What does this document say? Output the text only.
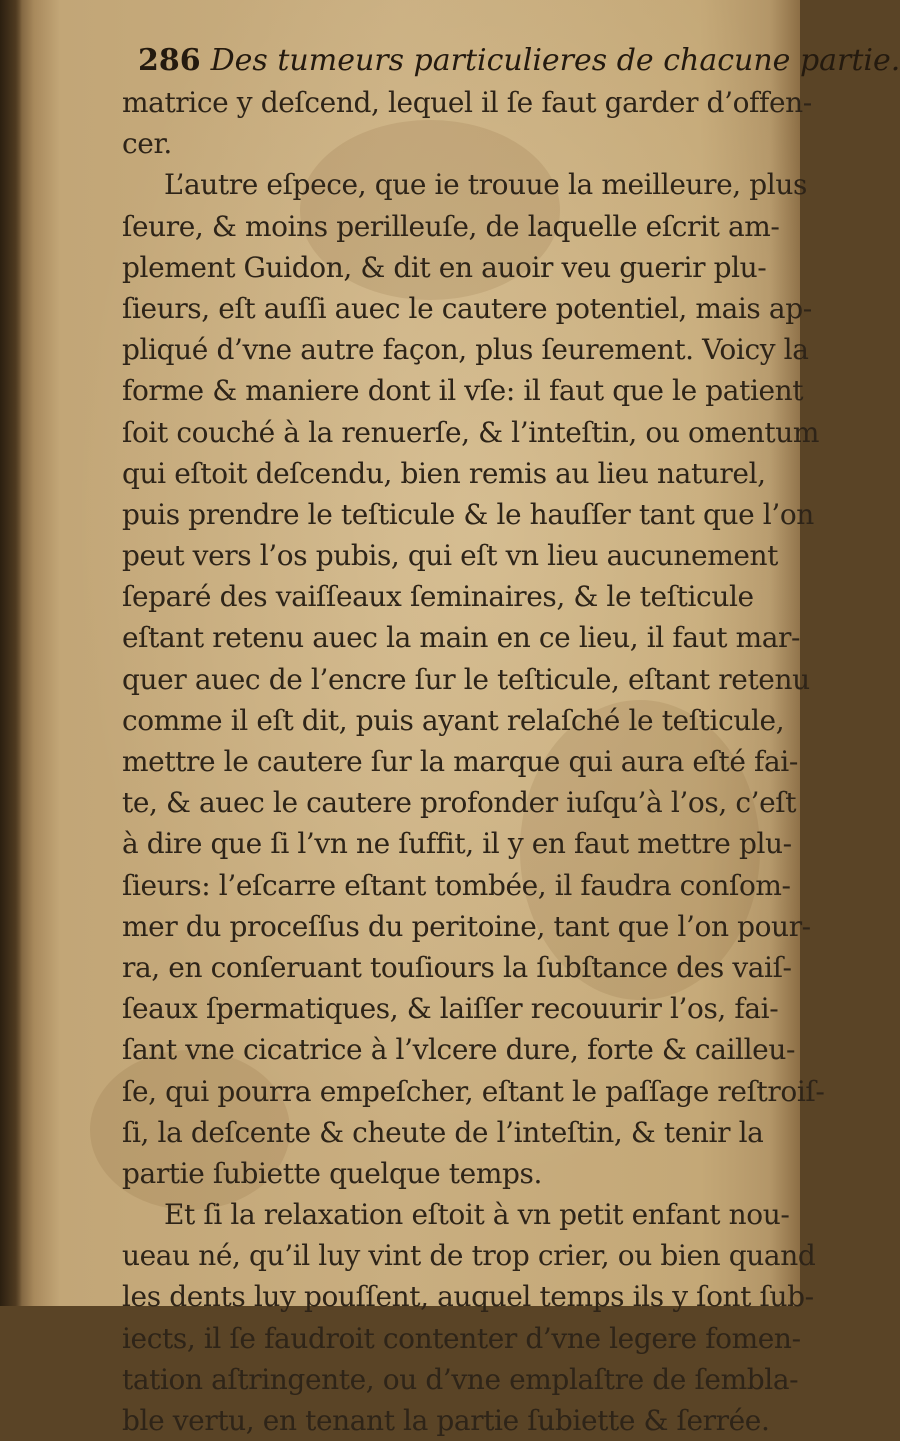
286 Des tumeurs particulieres de chacune partie.
matrice y deſcend, lequel il ſe faut garder d’offen-
cer.
L’autre eſpece, que ie trouue la meilleure, plus
ſeure, & moins perilleuſe, de laquelle eſcrit am-
plement Guidon, & dit en auoir veu guerir plu-
ſieurs, eſt auſſi auec le cautere potentiel, mais ap-
pliqué d’vne autre façon, plus ſeurement. Voicy la
forme & maniere dont il vſe: il faut que le patient
ſoit couché à la renuerſe, & l’inteſtin, ou omentum
qui eſtoit deſcendu, bien remis au lieu naturel,
puis prendre le teſticule & le hauſſer tant que l’on
peut vers l’os pubis, qui eſt vn lieu aucunement
ſeparé des vaiſſeaux ſeminaires, & le teſticule
eſtant retenu auec la main en ce lieu, il faut mar-
quer auec de l’encre ſur le teſticule, eſtant retenu
comme il eſt dit, puis ayant relaſché le teſticule,
mettre le cautere ſur la marque qui aura eſté fai-
te, & auec le cautere profonder iuſqu’à l’os, c’eſt
à dire que ſi l’vn ne ſuffit, il y en faut mettre plu-
ſieurs: l’eſcarre eſtant tombée, il faudra conſom-
mer du proceſſus du peritoine, tant que l’on pour-
ra, en conſeruant touſiours la ſubſtance des vaiſ-
ſeaux ſpermatiques, & laiſſer recouurir l’os, fai-
ſant vne cicatrice à l’vlcere dure, forte & cailleu-
ſe, qui pourra empeſcher, eſtant le paſſage reſtroiſ-
ſi, la deſcente & cheute de l’inteſtin, & tenir la
partie ſubiette quelque temps.
Et ſi la relaxation eſtoit à vn petit enfant nou-
ueau né, qu’il luy vint de trop crier, ou bien quand
les dents luy pouſſent, auquel temps ils y ſont ſub-
iects, il ſe faudroit contenter d’vne legere fomen-
tation aſtringente, ou d’vne emplaſtre de ſembla-
ble vertu, en tenant la partie ſubiette & ſerrée.
